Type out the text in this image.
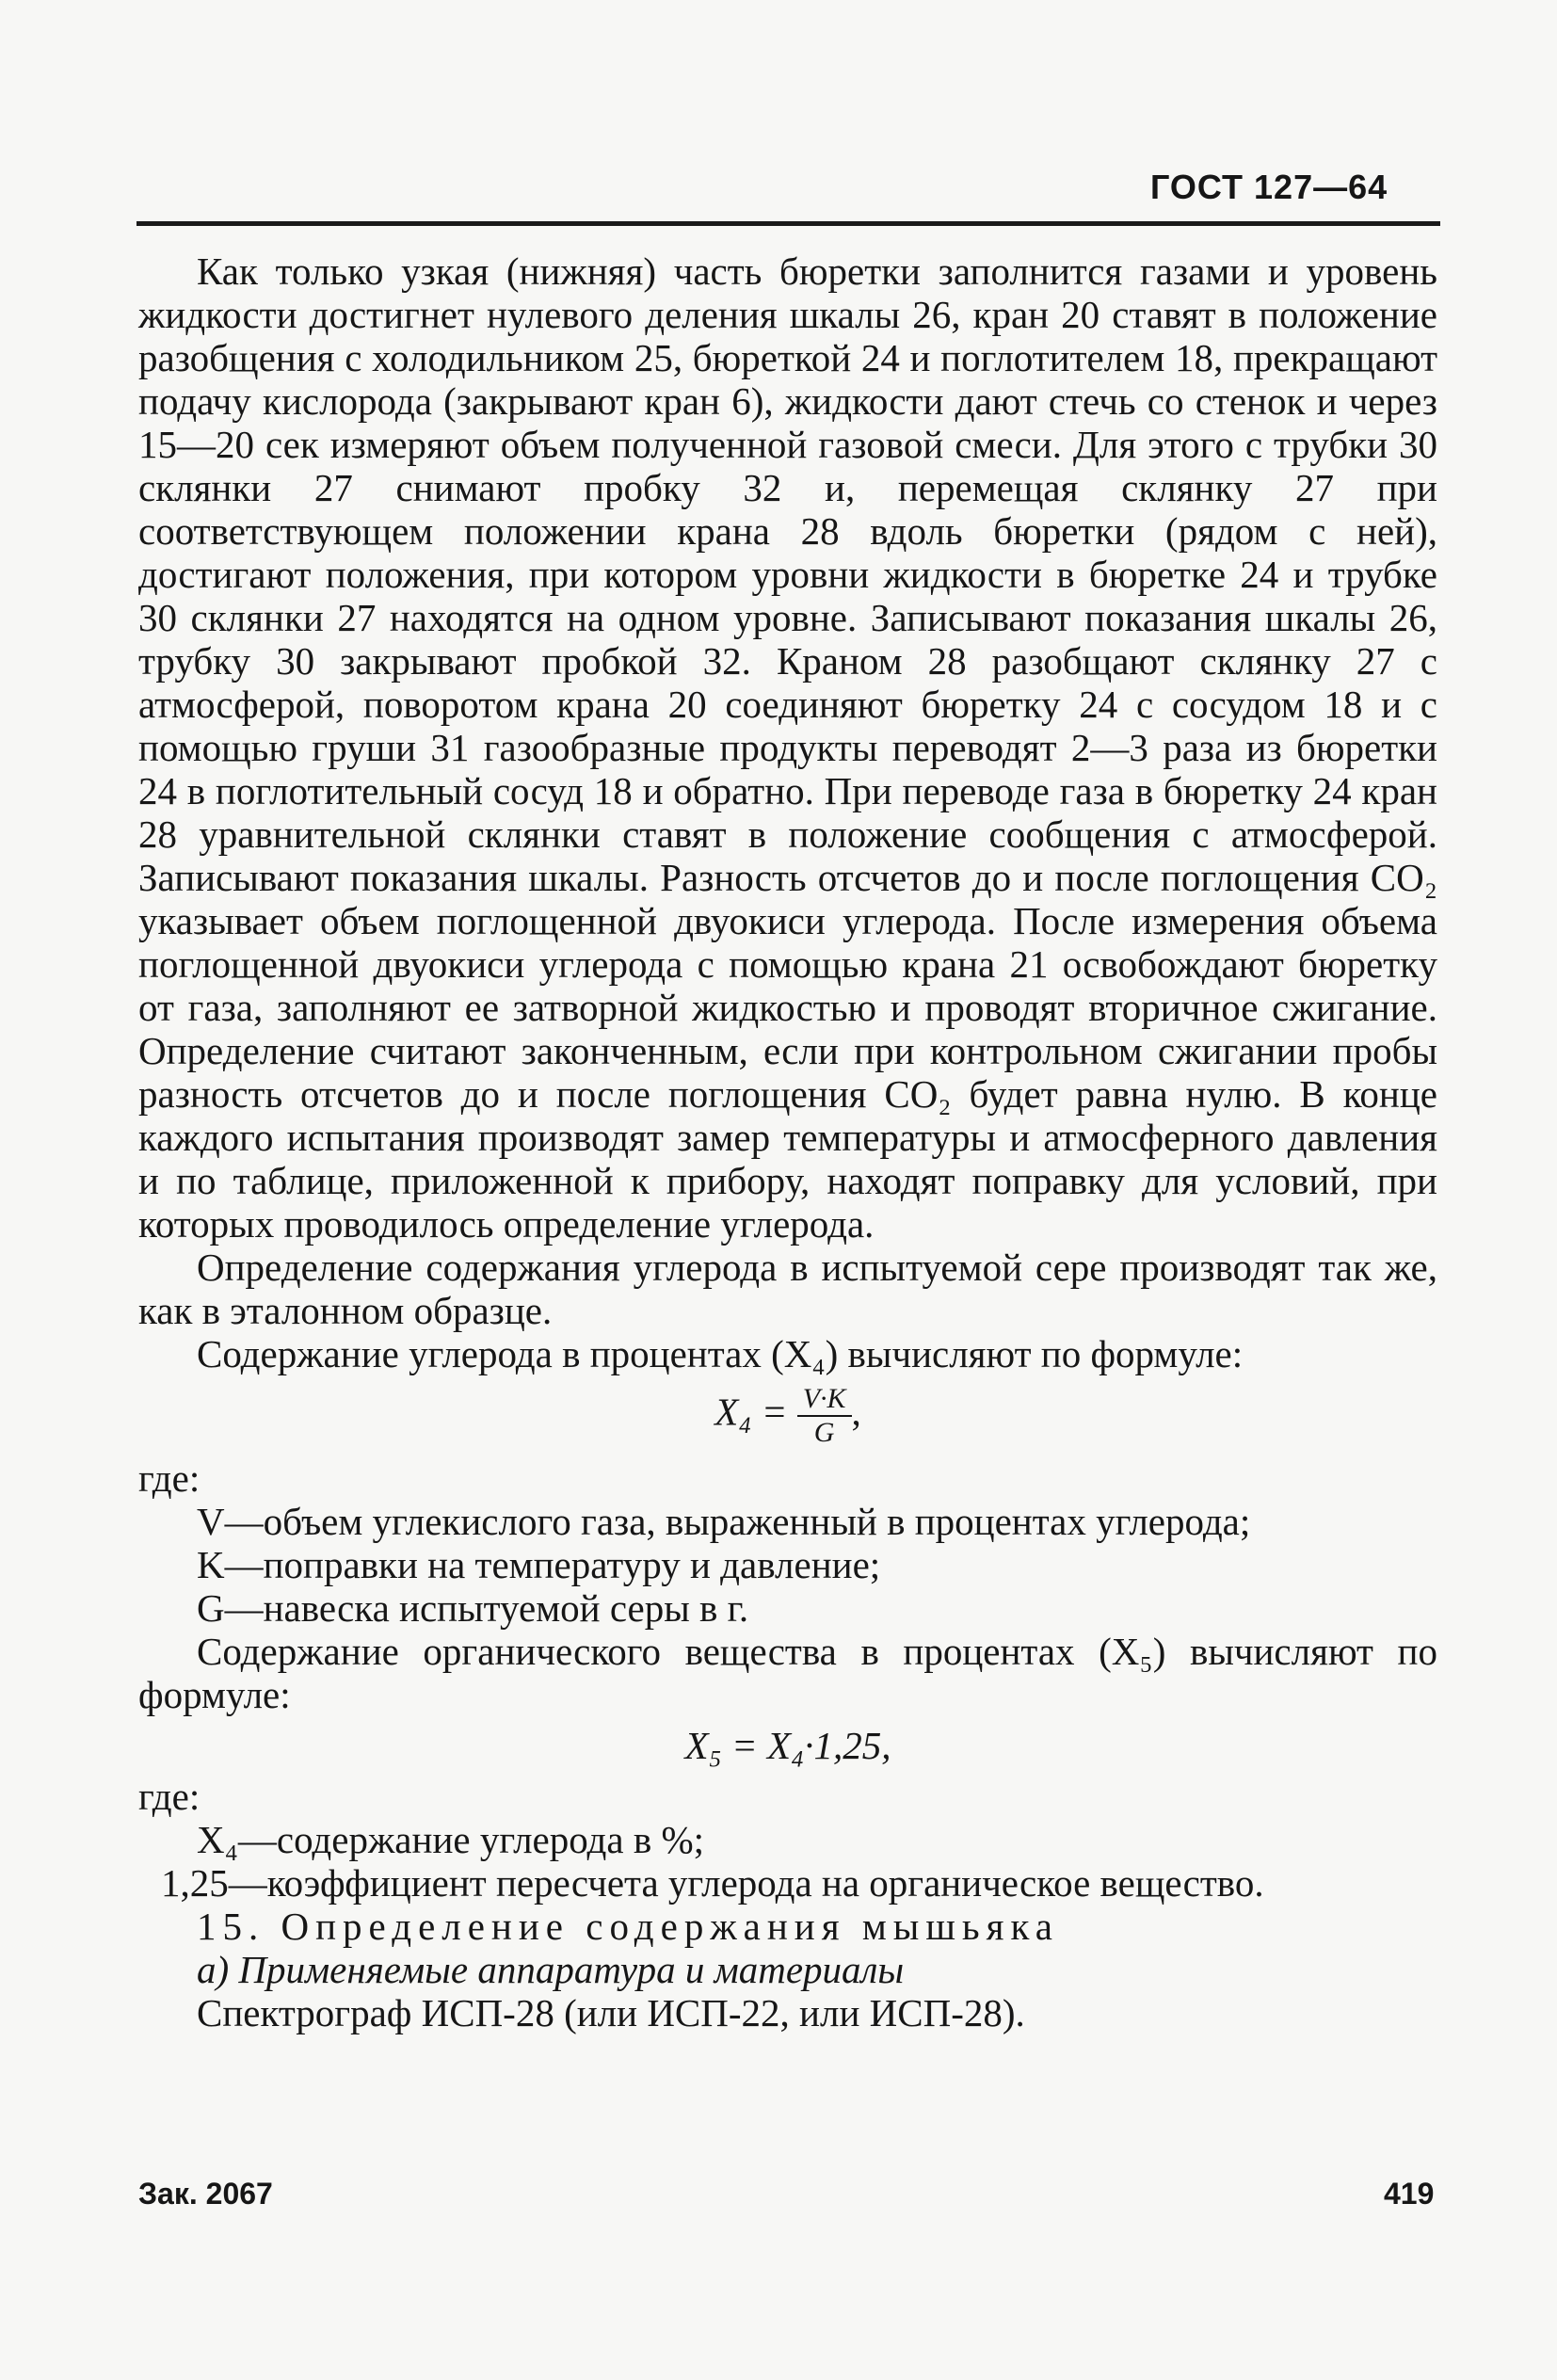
ГОСТ 127—64

Как только узкая (нижняя) часть бюретки заполнится газами и уровень жидкости достигнет нулевого деления шкалы 26, кран 20 ставят в положение разобщения с холодильником 25, бюреткой 24 и поглотителем 18, прекращают подачу кислорода (закрывают кран 6), жидкости дают стечь со стенок и через 15—20 сек измеряют объем полученной газовой смеси. Для этого с трубки 30 склянки 27 снимают пробку 32 и, перемещая склянку 27 при соответствующем положении крана 28 вдоль бюретки (рядом с ней), достигают положения, при котором уровни жидкости в бюретке 24 и трубке 30 склянки 27 находятся на одном уровне. Записывают показания шкалы 26, трубку 30 закрывают пробкой 32. Краном 28 разобщают склянку 27 с атмосферой, поворотом крана 20 соединяют бюретку 24 с сосудом 18 и с помощью груши 31 газообразные продукты переводят 2—3 раза из бюретки 24 в поглотительный сосуд 18 и обратно. При переводе газа в бюретку 24 кран 28 уравнительной склянки ставят в положение сообщения с атмосферой. Записывают показания шкалы. Разность отсчетов до и после поглощения CO₂ указывает объем поглощенной двуокиси углерода. После измерения объема поглощенной двуокиси углерода с помощью крана 21 освобождают бюретку от газа, заполняют ее затворной жидкостью и проводят вторичное сжигание. Определение считают законченным, если при контрольном сжигании пробы разность отсчетов до и после поглощения CO₂ будет равна нулю. В конце каждого испытания производят замер температуры и атмосферного давления и по таблице, приложенной к прибору, находят поправку для условий, при которых проводилось определение углерода.

Определение содержания углерода в испытуемой сере производят так же, как в эталонном образце.

Содержание углерода в процентах (X₄) вычисляют по формуле:

$X_4 = \frac{V\cdot K}{G}$ ,
где:
V—объем углекислого газа, выраженный в процентах углерода;
K—поправки на температуру и давление;
G—навеска испытуемой серы в г.

Содержание органического вещества в процентах (X₅) вычисляют по формуле:

X₅ = X₄·1,25,
где:
X₄—содержание углерода в %;
1,25—коэффициент пересчета углерода на органическое вещество.
15. Определение содержания мышьяка
а) Применяемые аппаратура и материалы
Спектрограф ИСП-28 (или ИСП-22, или ИСП-28).
Зак. 2067	419
